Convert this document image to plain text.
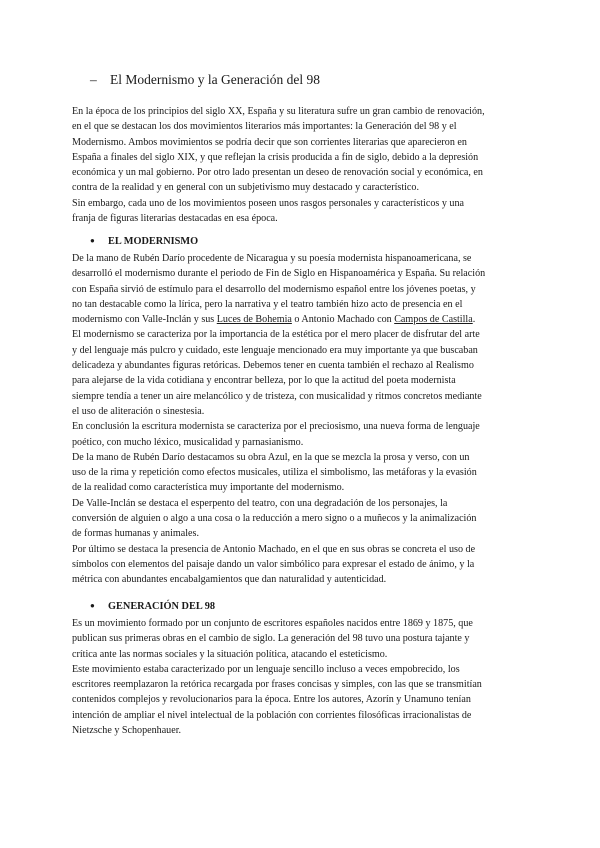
– El Modernismo y la Generación del 98
En la época de los principios del siglo XX, España y su literatura sufre un gran cambio de renovación,
en el que se destacan los dos movimientos literarios más importantes: la Generación del 98 y el
Modernismo. Ambos movimientos se podría decir que son corrientes literarias que aparecieron en
España a finales del siglo XIX, y que reflejan la crisis producida a fin de siglo, debido a la depresión
económica y un mal gobierno. Por otro lado presentan un deseo de renovación social y económica, en
contra de la realidad y en general con un subjetivismo muy destacado y característico.
Sin embargo, cada uno de los movimientos poseen unos rasgos personales y característicos y una
franja de figuras literarias destacadas en esa época.
● EL MODERNISMO
De la mano de Rubén Darío procedente de Nicaragua y su poesía modernista hispanoamericana, se
desarrolló el modernismo durante el periodo de Fin de Siglo en Hispanoamérica y España. Su relación
con España sirvió de estímulo para el desarrollo del modernismo español entre los jóvenes poetas, y
no tan destacable como la lírica, pero la narrativa y el teatro también hizo acto de presencia en el
modernismo con Valle-Inclán y sus Luces de Bohemia o Antonio Machado con Campos de Castilla.
El modernismo se caracteriza por la importancia de la estética por el mero placer de disfrutar del arte
y del lenguaje más pulcro y cuidado, este lenguaje mencionado era muy importante ya que buscaban
delicadeza y abundantes figuras retóricas. Debemos tener en cuenta también el rechazo al Realismo
para alejarse de la vida cotidiana y encontrar belleza, por lo que la actitud del poeta modernista
siempre tendía a tener un aire melancólico y de tristeza, con musicalidad y ritmos concretos mediante
el uso de aliteración o sinestesia.
En conclusión la escritura modernista se caracteriza por el preciosismo, una nueva forma de lenguaje
poético, con mucho léxico, musicalidad y parnasianismo.
De la mano de Rubén Darío destacamos su obra Azul, en la que se mezcla la prosa y verso, con un
uso de la rima y repetición como efectos musicales, utiliza el simbolismo, las metáforas y la evasión
de la realidad como característica muy importante del modernismo.
De Valle-Inclán se destaca el esperpento del teatro, con una degradación de los personajes, la
conversión de alguien o algo a una cosa o la reducción a mero signo o a muñecos y la animalización
de formas humanas y animales.
Por último se destaca la presencia de Antonio Machado, en el que en sus obras se concreta el uso de
símbolos con elementos del paisaje dando un valor simbólico para expresar el estado de ánimo, y la
métrica con abundantes encabalgamientos que dan naturalidad y autenticidad.
● GENERACIÓN DEL 98
Es un movimiento formado por un conjunto de escritores españoles nacidos entre 1869 y 1875, que
publican sus primeras obras en el cambio de siglo. La generación del 98 tuvo una postura tajante y
crítica ante las normas sociales y la situación política, atacando el esteticismo.
Este movimiento estaba caracterizado por un lenguaje sencillo incluso a veces empobrecido, los
escritores reemplazaron la retórica recargada por frases concisas y simples, con las que se transmitían
contenidos complejos y revolucionarios para la época. Entre los autores, Azorín y Unamuno tenían
intención de ampliar el nivel intelectual de la población con corrientes filosóficas irracionalistas de
Nietzsche y Schopenhauer.
